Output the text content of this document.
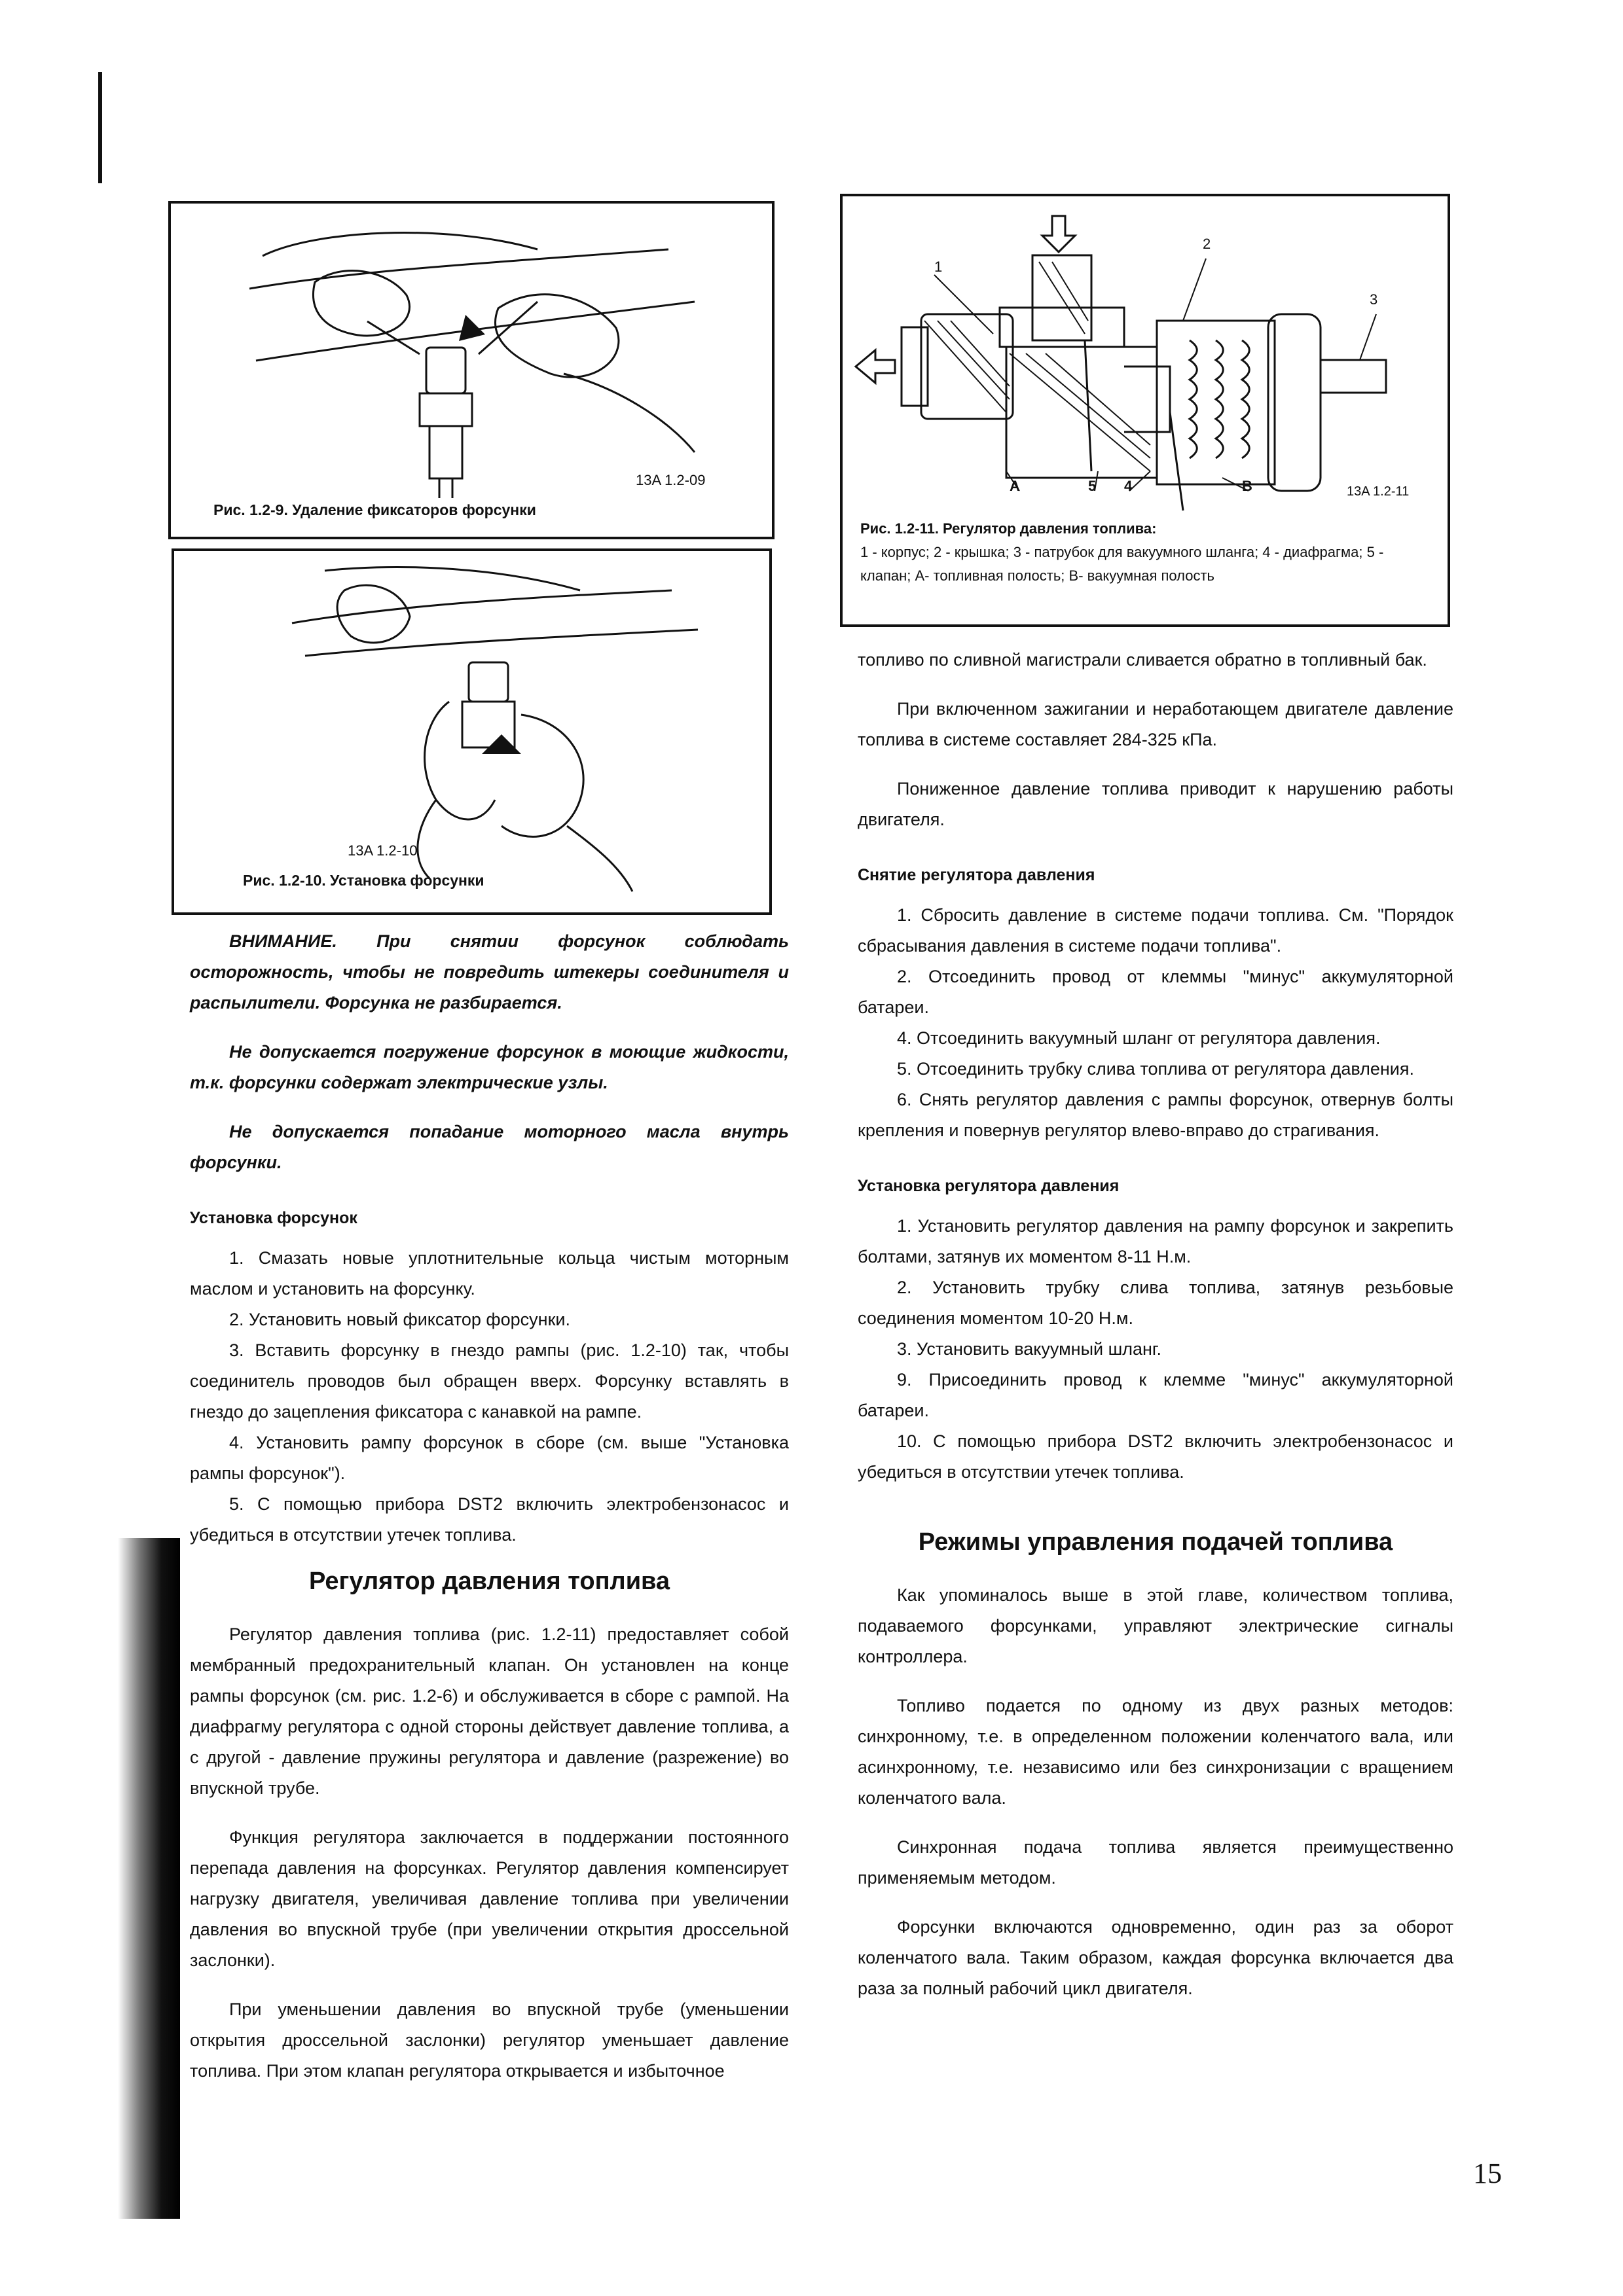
13A 1.2-09
Рис. 1.2-9. Удаление фиксаторов форсунки
13A 1.2-10
Рис. 1.2-10. Установка форсунки
1
2
3
A	5 4	B	13A 1.2-11
Рис. 1.2-11. Регулятор давления топлива:
1 - корпус; 2 - крышка; 3 - патрубок для вакуумного шланга; 4 - диафрагма; 5 - клапан; А- топливная полость; В- вакуумная полость

ВНИМАНИЕ. При снятии форсунок соблюдать осторожность, чтобы не повредить штекеры соединителя и распылители. Форсунка не разбирается.

Не допускается погружение форсунок в моющие жидкости, т.к. форсунки содержат электрические узлы.

Не допускается попадание моторного масла внутрь форсунки.

Установка форсунок

1. Смазать новые уплотнительные кольца чистым моторным маслом и установить на форсунку.

2. Установить новый фиксатор форсунки.

3. Вставить форсунку в гнездо рампы (рис. 1.2-10) так, чтобы соединитель проводов был обращен вверх. Форсунку вставлять в гнездо до зацепления фиксатора с канавкой на рампе.

4. Установить рампу форсунок в сборе (см. выше "Установка рампы форсунок").

5. С помощью прибора DST2 включить электробензонасос и убедиться в отсутствии утечек топлива.

Регулятор давления топлива

Регулятор давления топлива (рис. 1.2-11) предоставляет собой мембранный предохранительный клапан. Он установлен на конце рампы форсунок (см. рис. 1.2-6) и обслуживается в сборе с рампой. На диафрагму регулятора с одной стороны действует давление топлива, а с другой - давление пружины регулятора и давление (разрежение) во впускной трубе.

Функция регулятора заключается в поддержании постоянного перепада давления на форсунках. Регулятор давления компенсирует нагрузку двигателя, увеличивая давление топлива при увеличении давления во впускной трубе (при увеличении открытия дроссельной заслонки).

При уменьшении давления во впускной трубе (уменьшении открытия дроссельной заслонки) регулятор уменьшает давление топлива. При этом клапан регулятора открывается и избыточное

топливо по сливной магистрали сливается обратно в топливный бак.

При включенном зажигании и неработающем двигателе давление топлива в системе составляет 284-325 кПа.

Пониженное давление топлива приводит к нарушению работы двигателя.

Снятие регулятора давления

1. Сбросить давление в системе подачи топлива. См. "Порядок сбрасывания давления в системе подачи топлива".

2. Отсоединить провод от клеммы "минус" аккумуляторной батареи.

4. Отсоединить вакуумный шланг от регулятора давления.

5. Отсоединить трубку слива топлива от регулятора давления.

6. Снять регулятор давления с рампы форсунок, отвернув болты крепления и повернув регулятор влево-вправо до страгивания.

Установка регулятора давления

1. Установить регулятор давления на рампу форсунок и закрепить болтами, затянув их моментом 8-11 Н.м.

2. Установить трубку слива топлива, затянув резьбовые соединения моментом 10-20 Н.м.

3. Установить вакуумный шланг.

9. Присоединить провод к клемме "минус" аккумуляторной батареи.

10. С помощью прибора DST2 включить электробензонасос и убедиться в отсутствии утечек топлива.

Режимы управления подачей топлива

Как упоминалось выше в этой главе, количеством топлива, подаваемого форсунками, управляют электрические сигналы контроллера.

Топливо подается по одному из двух разных методов: синхронному, т.е. в определенном положении коленчатого вала, или асинхронному, т.е. независимо или без синхронизации с вращением коленчатого вала.

Синхронная подача топлива является преимущественно применяемым методом.

Форсунки включаются одновременно, один раз за оборот коленчатого вала. Таким образом, каждая форсунка включается два раза за полный рабочий цикл двигателя.

15
